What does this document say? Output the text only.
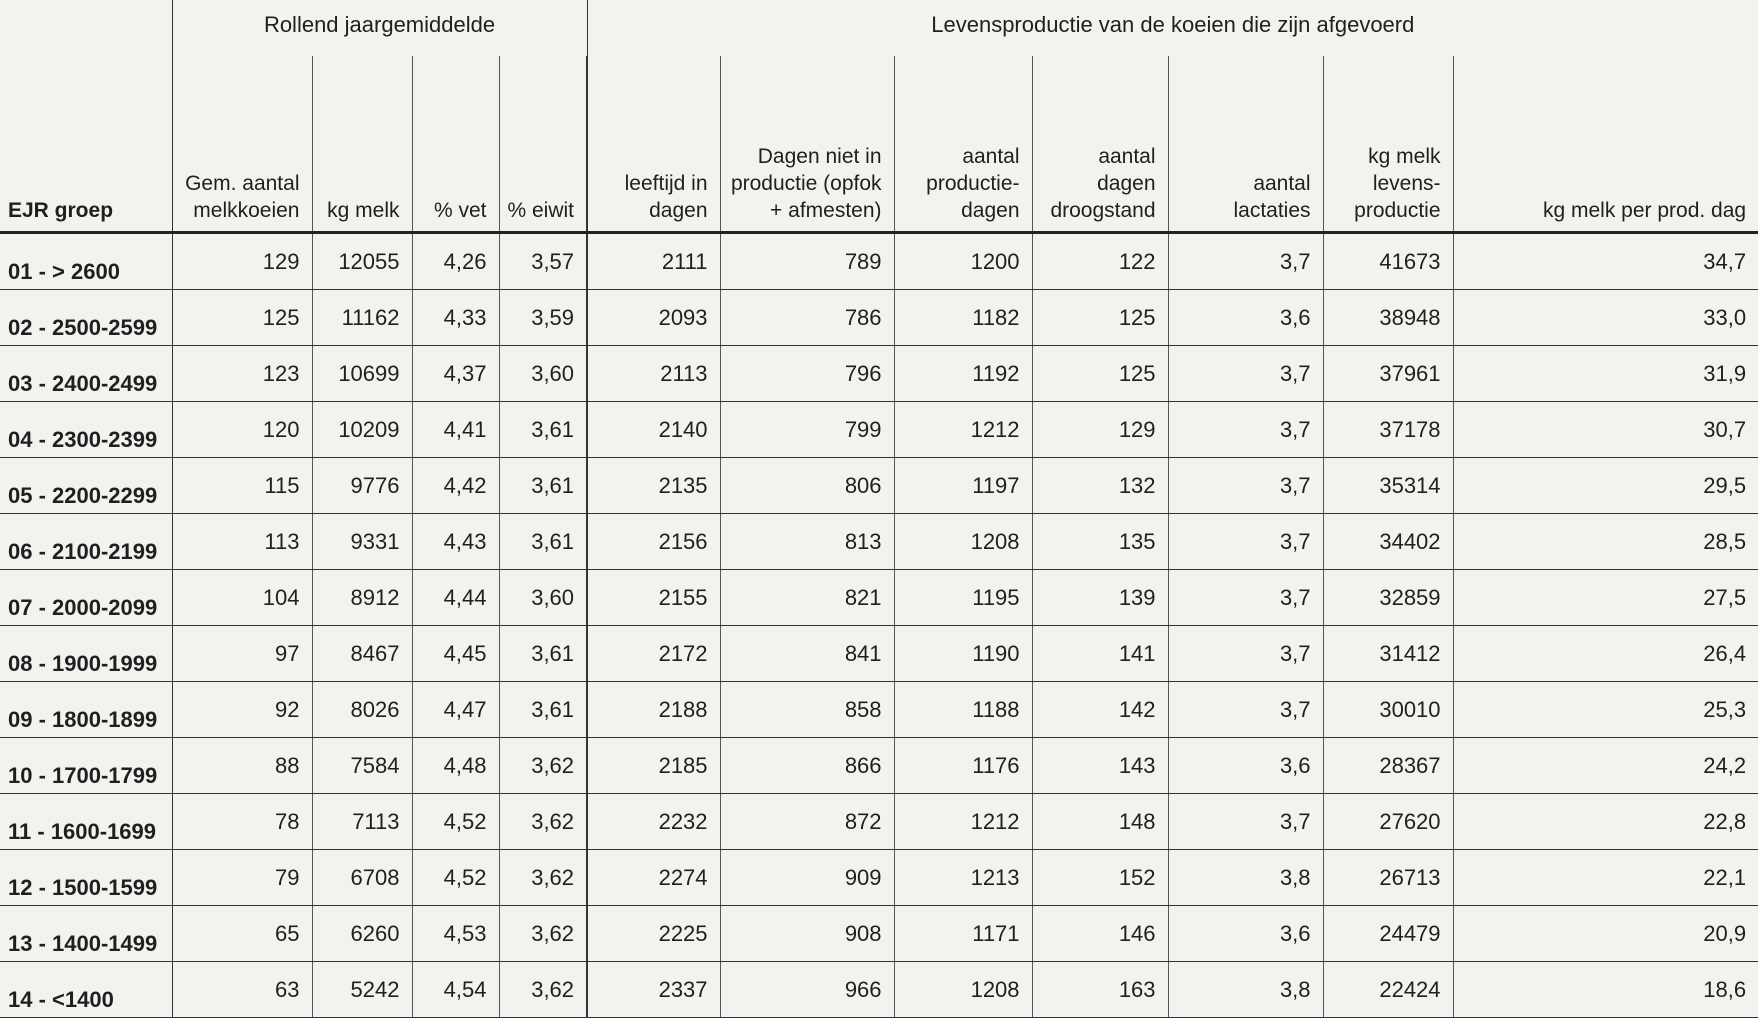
	Rollend jaargemiddelde				Levensproductie van de koeien die zijn afgevoerd						
EJR groep	Gem. aantal melkkoeien	kg melk	% vet	% eiwit	leeftijd in dagen	Dagen niet in productie (opfok + afmesten)	aantal productie-dagen	aantal dagen droogstand	aantal lactaties	kg melk levens-productie	kg melk per prod. dag
01 - > 2600	129	12055	4,26	3,57	2111	789	1200	122	3,7	41673	34,7
02 - 2500-2599	125	11162	4,33	3,59	2093	786	1182	125	3,6	38948	33,0
03 - 2400-2499	123	10699	4,37	3,60	2113	796	1192	125	3,7	37961	31,9
04 - 2300-2399	120	10209	4,41	3,61	2140	799	1212	129	3,7	37178	30,7
05 - 2200-2299	115	9776	4,42	3,61	2135	806	1197	132	3,7	35314	29,5
06 - 2100-2199	113	9331	4,43	3,61	2156	813	1208	135	3,7	34402	28,5
07 - 2000-2099	104	8912	4,44	3,60	2155	821	1195	139	3,7	32859	27,5
08 - 1900-1999	97	8467	4,45	3,61	2172	841	1190	141	3,7	31412	26,4
09 - 1800-1899	92	8026	4,47	3,61	2188	858	1188	142	3,7	30010	25,3
10 - 1700-1799	88	7584	4,48	3,62	2185	866	1176	143	3,6	28367	24,2
11 - 1600-1699	78	7113	4,52	3,62	2232	872	1212	148	3,7	27620	22,8
12 - 1500-1599	79	6708	4,52	3,62	2274	909	1213	152	3,8	26713	22,1
13 - 1400-1499	65	6260	4,53	3,62	2225	908	1171	146	3,6	24479	20,9
14 - <1400	63	5242	4,54	3,62	2337	966	1208	163	3,8	22424	18,6
